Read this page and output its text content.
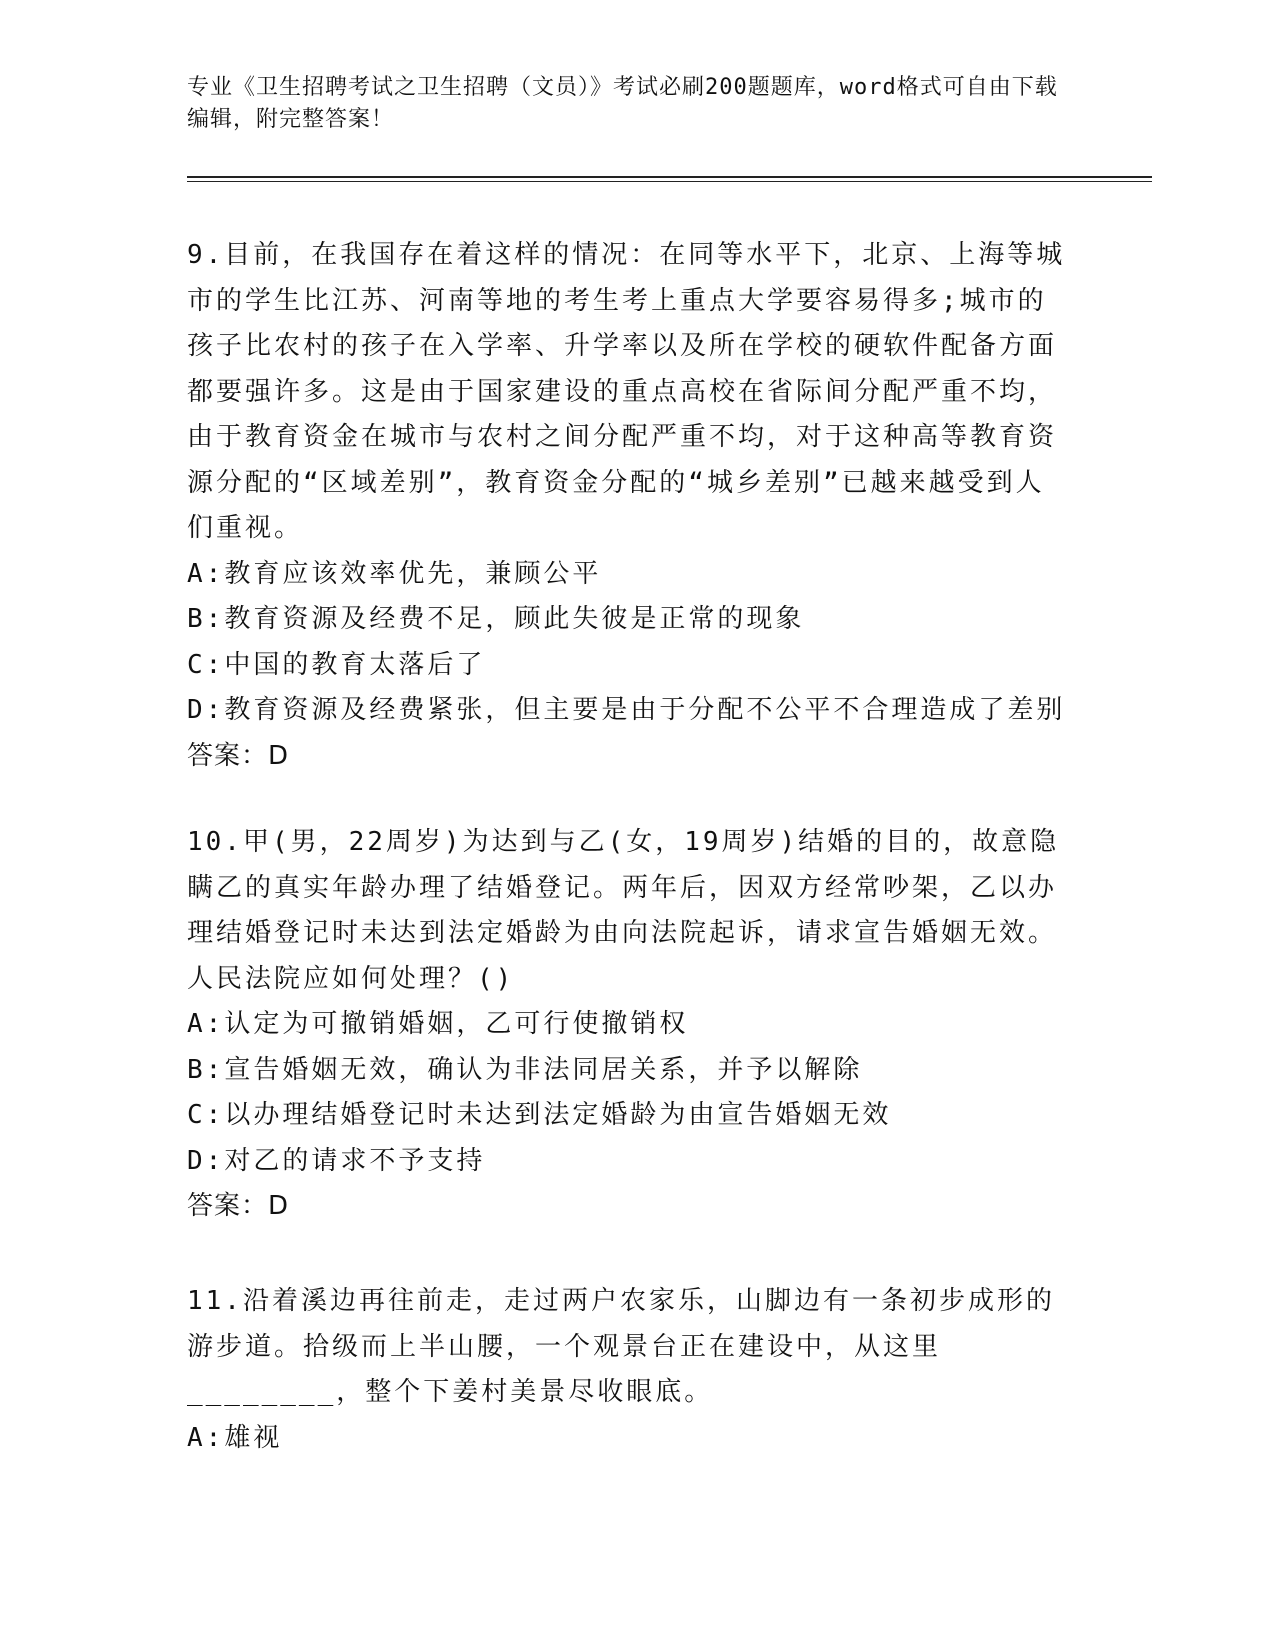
专业《卫生招聘考试之卫生招聘（文员）》考试必刷200题题库，word格式可自由下载编辑，附完整答案！

9.目前，在我国存在着这样的情况：在同等水平下，北京、上海等城市的学生比江苏、河南等地的考生考上重点大学要容易得多;城市的孩子比农村的孩子在入学率、升学率以及所在学校的硬软件配备方面都要强许多。这是由于国家建设的重点高校在省际间分配严重不均，由于教育资金在城市与农村之间分配严重不均，对于这种高等教育资源分配的“区域差别”，教育资金分配的“城乡差别”已越来越受到人们重视。

A:教育应该效率优先，兼顾公平

B:教育资源及经费不足，顾此失彼是正常的现象

C:中国的教育太落后了

D:教育资源及经费紧张，但主要是由于分配不公平不合理造成了差别

答案：D

10.甲(男，22周岁)为达到与乙(女，19周岁)结婚的目的，故意隐瞒乙的真实年龄办理了结婚登记。两年后，因双方经常吵架，乙以办理结婚登记时未达到法定婚龄为由向法院起诉，请求宣告婚姻无效。人民法院应如何处理？()

A:认定为可撤销婚姻，乙可行使撤销权

B:宣告婚姻无效，确认为非法同居关系，并予以解除

C:以办理结婚登记时未达到法定婚龄为由宣告婚姻无效

D:对乙的请求不予支持

答案：D

11.沿着溪边再往前走，走过两户农家乐，山脚边有一条初步成形的游步道。拾级而上半山腰，一个观景台正在建设中，从这里________，整个下姜村美景尽收眼底。

A:雄视
